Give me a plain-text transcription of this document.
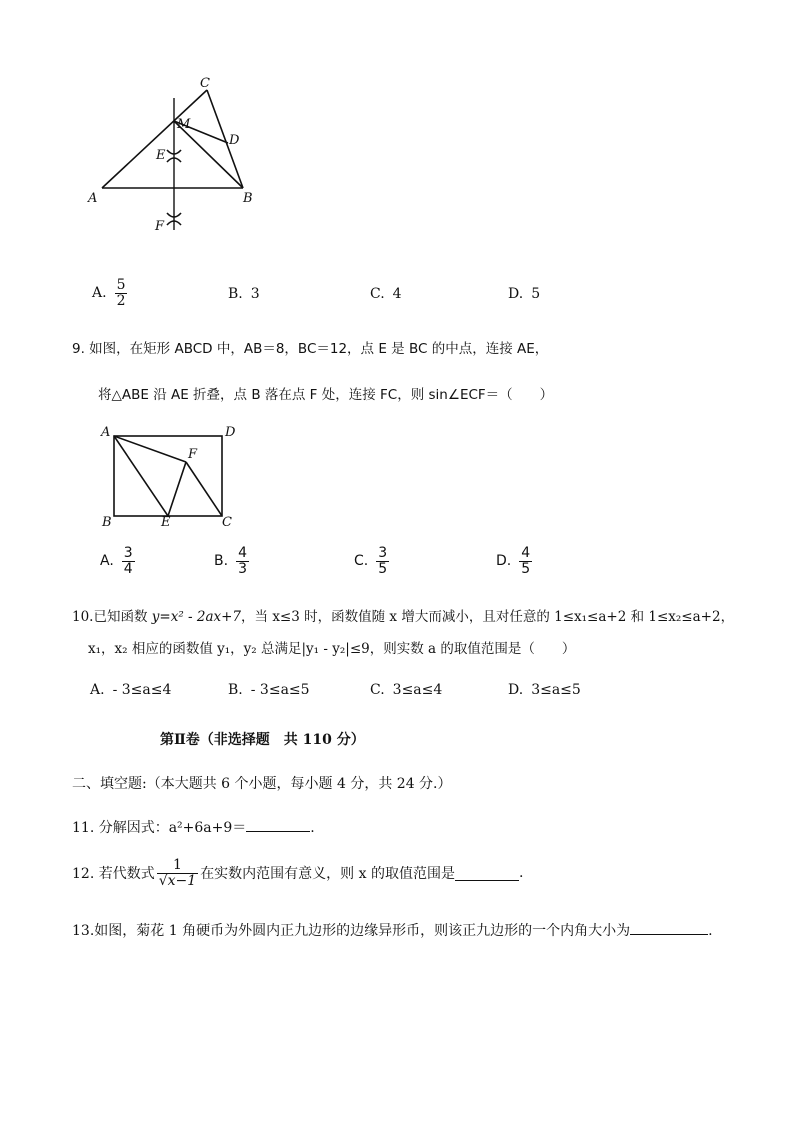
A	B
C
D
E
F
M
A. $\frac{5}{2}$	B. 3	C. 4	D. 5
9. 如图，在矩形 ABCD 中，AB＝8，BC＝12，点 E 是 BC 的中点，连接 AE，
将△ABE 沿 AE 折叠，点 B 落在点 F 处，连接 FC，则 sin∠ECF＝（　　）
A	D
B	C
E
F
A. $\frac{3}{4}$	B. $\frac{4}{3}$	C. $\frac{3}{5}$	D. $\frac{4}{5}$
10.已知函数 y=x² - 2ax+7，当 x≤3 时，函数值随 x 增大而减小，且对任意的 1≤x₁≤a+2 和 1≤x₂≤a+2，
x₁，x₂ 相应的函数值 y₁，y₂ 总满足|y₁ - y₂|≤9，则实数 a 的取值范围是（　　）
A. - 3≤a≤4	B. - 3≤a≤5	C. 3≤a≤4	D. 3≤a≤5
第Ⅱ卷（非选择题　共 110 分）
二、填空题:（本大题共 6 个小题，每小题 4 分，共 24 分.）
11. 分解因式：a²+6a+9＝	.
12. 若代数式 $\frac{1}{√x-1}$ 在实数内范围有意义，则 x 的取值范围是	.
13.如图，菊花 1 角硬币为外圆内正九边形的边缘异形币，则该正九边形的一个内角大小为	.
